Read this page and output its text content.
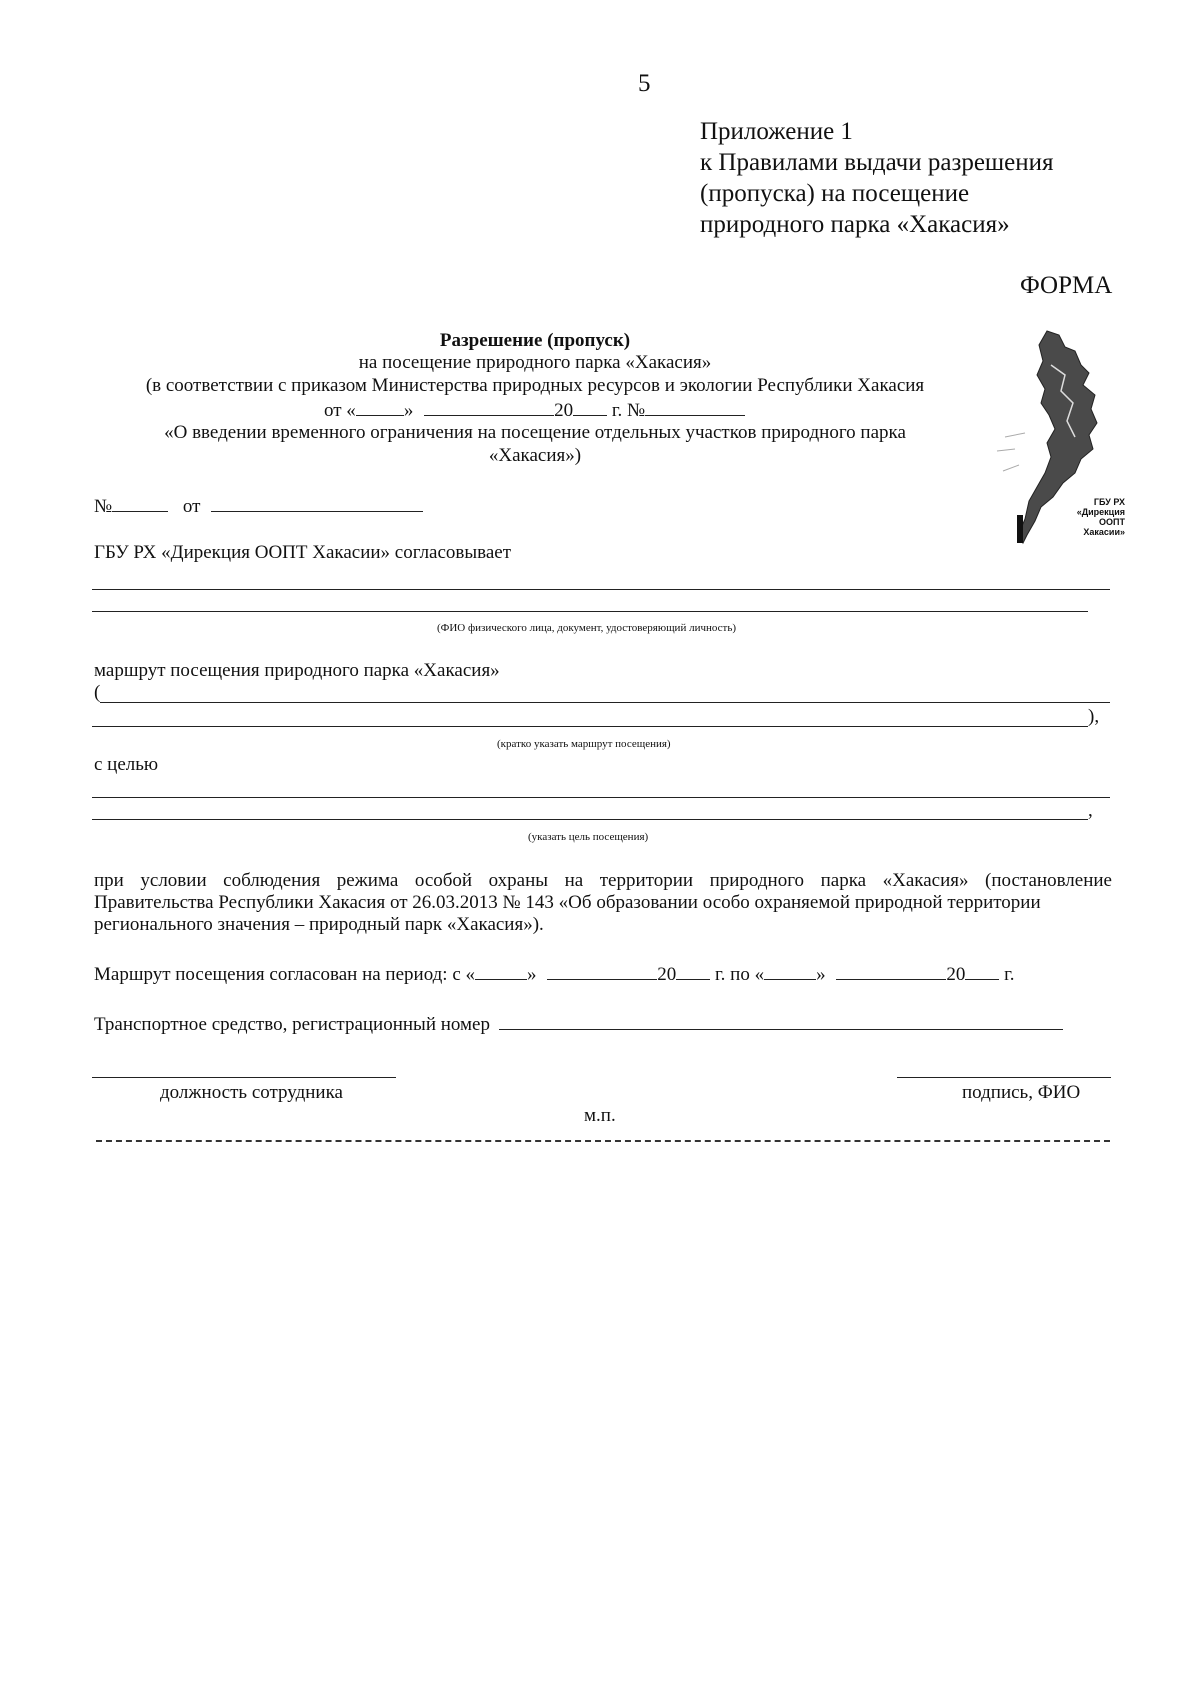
5
Приложение 1
к Правилами выдачи разрешения
(пропуска) на посещение
природного парка «Хакасия»
ФОРМА
ГБУ РХ
«Дирекция
ООПТ Хакасии»
Разрешение (пропуск)
на посещение природного парка «Хакасия»
(в соответствии с приказом Министерства природных ресурсов и экологии Республики Хакасия
от «	»	20 г. №
«О введении временного ограничения на посещение отдельных участков природного парка
«Хакасия»)
№	от
ГБУ РХ «Дирекция ООПТ Хакасии» согласовывает
(ФИО физического лица, документ, удостоверяющий личность)
маршрут посещения природного парка «Хакасия»
(
),
(кратко указать маршрут посещения)
с целью
,
(указать цель посещения)
при условии соблюдения режима особой охраны на территории природного парка «Хакасия» (постановление
Правительства Республики Хакасия от 26.03.2013 № 143 «Об образовании особо охраняемой природной территории
регионального значения – природный парк «Хакасия»).
Маршрут посещения согласован на период: с «	»	20 г. по «	»	20 г.
Транспортное средство, регистрационный номер
должность сотрудника	подпись, ФИО
м.п.
